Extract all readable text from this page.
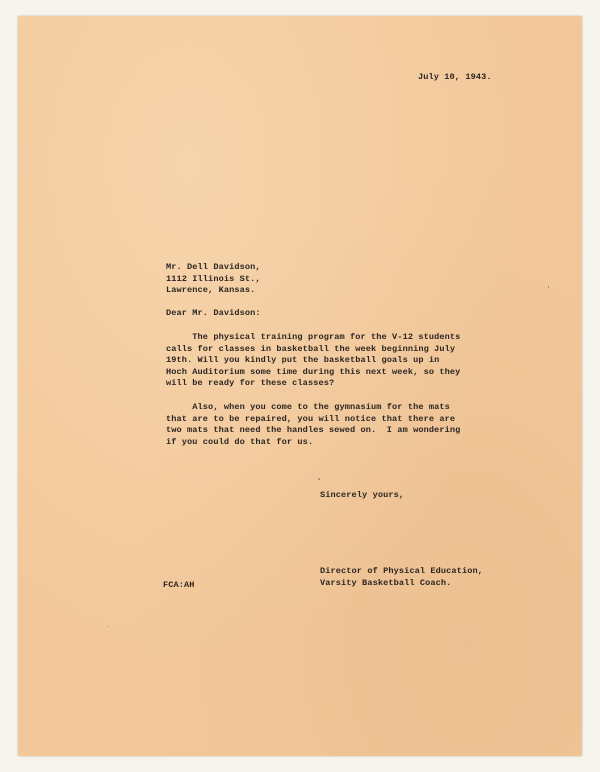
July 10, 1943.
Mr. Dell Davidson,
1112 Illinois St.,
Lawrence, Kansas.
Dear Mr. Davidson:
The physical training program for the V-12 students
calls for classes in basketball the week beginning July
19th. Will you kindly put the basketball goals up in
Hoch Auditorium some time during this next week, so they
will be ready for these classes?
Also, when you come to the gymnasium for the mats
that are to be repaired, you will notice that there are
two mats that need the handles sewed on.  I am wondering
if you could do that for us.
Sincerely yours,
Director of Physical Education,
Varsity Basketball Coach.
FCA:AH
